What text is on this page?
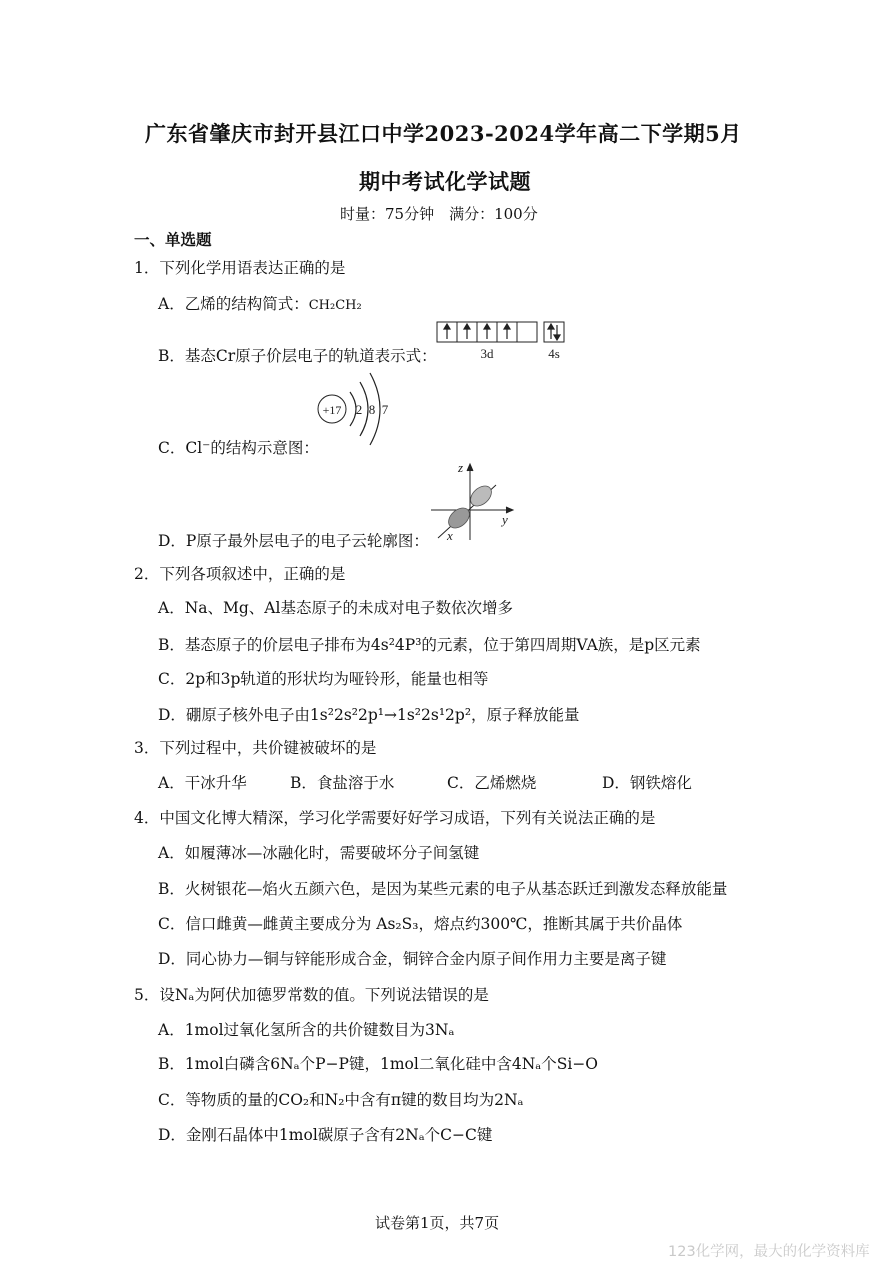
广东省肇庆市封开县江口中学2023-2024学年高二下学期5月
期中考试化学试题
时量：75分钟　满分：100分
一、单选题
1．下列化学用语表达正确的是
A．乙烯的结构简式：CH₂CH₂
B．基态Cr原子价层电子的轨道表示式：	3d	4s
+17 2 8 7
C．Cl⁻的结构示意图：
z
y
x
D．P原子最外层电子的电子云轮廓图：
2．下列各项叙述中，正确的是
A．Na、Mg、Al基态原子的未成对电子数依次增多
B．基态原子的价层电子排布为4s²4P³的元素，位于第四周期VA族，是p区元素
C．2p和3p轨道的形状均为哑铃形，能量也相等
D．硼原子核外电子由1s²2s²2p¹→1s²2s¹2p²，原子释放能量
3．下列过程中，共价键被破坏的是
A．干冰升华	B．食盐溶于水	C．乙烯燃烧	D．钢铁熔化
4．中国文化博大精深，学习化学需要好好学习成语，下列有关说法正确的是
A．如履薄冰—冰融化时，需要破坏分子间氢键
B．火树银花—焰火五颜六色，是因为某些元素的电子从基态跃迁到激发态释放能量
C．信口雌黄—雌黄主要成分为 As₂S₃，熔点约300℃，推断其属于共价晶体
D．同心协力—铜与锌能形成合金，铜锌合金内原子间作用力主要是离子键
5．设Nₐ为阿伏加德罗常数的值。下列说法错误的是
A．1mol过氧化氢所含的共价键数目为3Nₐ
B．1mol白磷含6Nₐ个P−P键，1mol二氧化硅中含4Nₐ个Si−O
C．等物质的量的CO₂和N₂中含有π键的数目均为2Nₐ
D．金刚石晶体中1mol碳原子含有2Nₐ个C−C键
试卷第1页，共7页
123化学网，最大的化学资料库
